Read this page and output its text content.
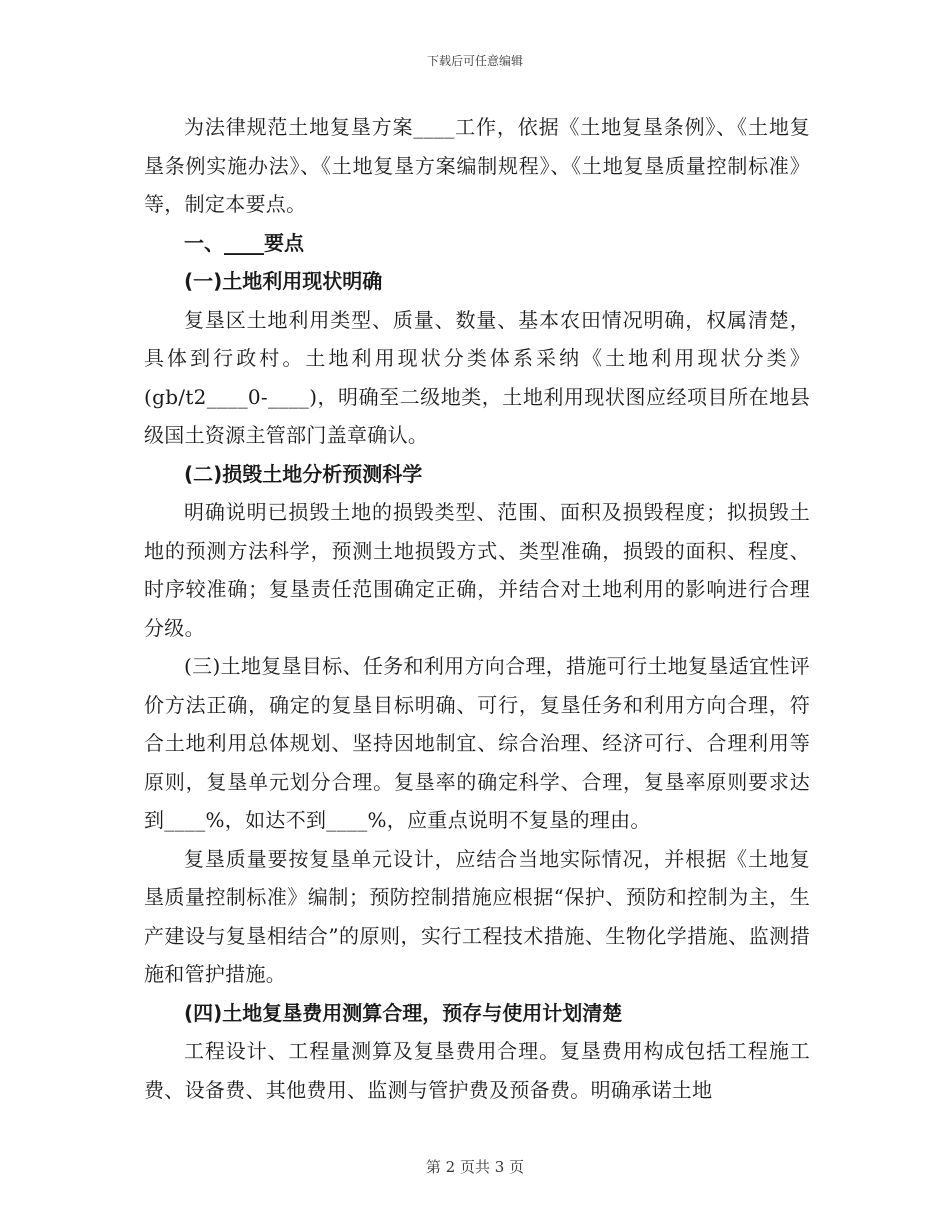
下载后可任意编辑

为法律规范土地复垦方案____工作，依据《土地复垦条例》、《土地复垦条例实施办法》、《土地复垦方案编制规程》、《土地复垦质量控制标准》等，制定本要点。

一、____要点

(一)土地利用现状明确

复垦区土地利用类型、质量、数量、基本农田情况明确，权属清楚，具体到行政村。土地利用现状分类体系采纳《土地利用现状分类》(gb/t2____0-____)，明确至二级地类，土地利用现状图应经项目所在地县级国土资源主管部门盖章确认。

(二)损毁土地分析预测科学

明确说明已损毁土地的损毁类型、范围、面积及损毁程度；拟损毁土地的预测方法科学，预测土地损毁方式、类型准确，损毁的面积、程度、时序较准确；复垦责任范围确定正确，并结合对土地利用的影响进行合理分级。

(三)土地复垦目标、任务和利用方向合理，措施可行土地复垦适宜性评价方法正确，确定的复垦目标明确、可行，复垦任务和利用方向合理，符合土地利用总体规划、坚持因地制宜、综合治理、经济可行、合理利用等原则，复垦单元划分合理。复垦率的确定科学、合理，复垦率原则要求达到____%，如达不到____%，应重点说明不复垦的理由。

复垦质量要按复垦单元设计，应结合当地实际情况，并根据《土地复垦质量控制标准》编制；预防控制措施应根据“保护、预防和控制为主，生产建设与复垦相结合”的原则，实行工程技术措施、生物化学措施、监测措施和管护措施。

(四)土地复垦费用测算合理，预存与使用计划清楚

工程设计、工程量测算及复垦费用合理。复垦费用构成包括工程施工费、设备费、其他费用、监测与管护费及预备费。明确承诺土地

第 2 页共 3 页
